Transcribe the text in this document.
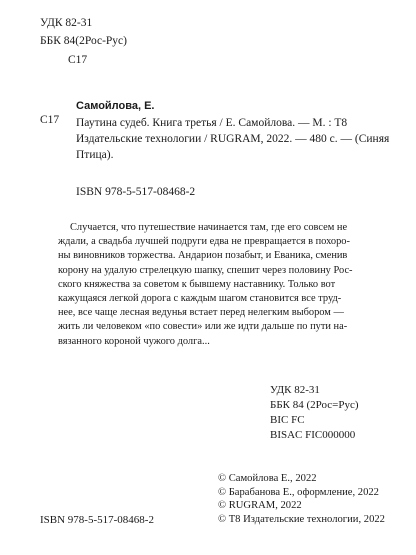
УДК 82-31
ББК 84(2Рос-Рус)
С17
Самойлова, Е.
С17 Паутина судеб. Книга третья / Е. Самойлова. — М. : Т8
Издательские технологии / RUGRAM, 2022. — 480 с. — (Синяя
Птица).
ISBN 978-5-517-08468-2
Случается, что путешествие начинается там, где его совсем не
ждали, а свадьба лучшей подруги едва не превращается в похоро-
ны виновников торжества. Андарион позабыт, и Еваника, сменив
корону на удалую стрелецкую шапку, спешит через половину Рос-
ского княжества за советом к бывшему наставнику. Только вот
кажущаяся легкой дорога с каждым шагом становится все труд-
нее, все чаще лесная ведунья встает перед нелегким выбором —
жить ли человеком «по совести» или же идти дальше по пути на-
вязанного короной чужого долга...
УДК 82-31
ББК 84 (2Рос=Рус)
BIC FC
BISAC FIC000000
© Самойлова Е., 2022
© Барабанова Е., оформление, 2022
© RUGRAM, 2022
© Т8 Издательские технологии, 2022
ISBN 978-5-517-08468-2
